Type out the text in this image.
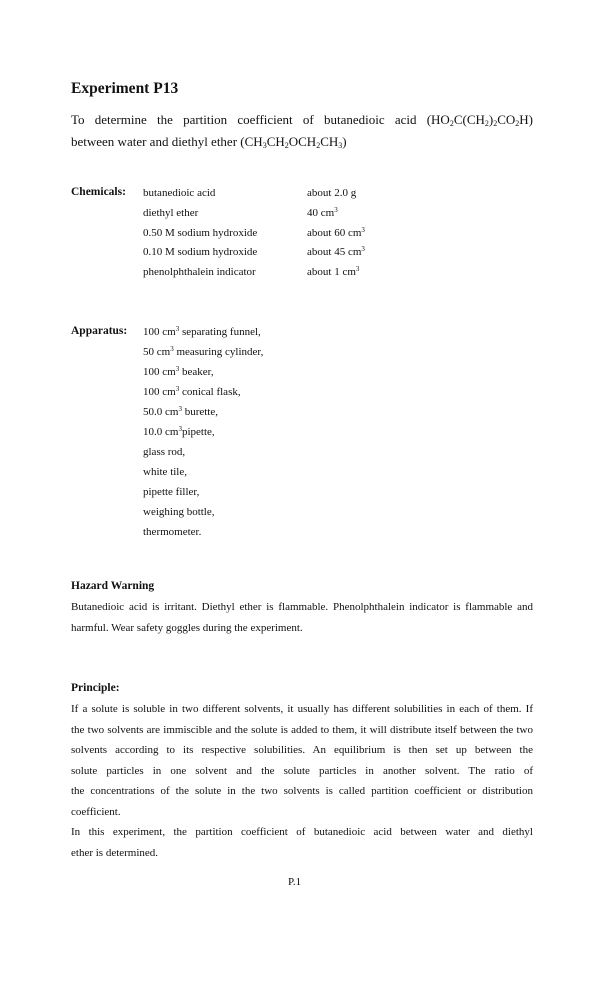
Experiment P13
To determine the partition coefficient of butanedioic acid $(HO_2C(CH_2)_2CO_2H)$
between water and diethyl ether $(CH_3CH_2OCH_2CH_3)$
Chemicals: butanedioic acid	about 2.0 g
diethyl ether	40 $cm^3$
0.50 M sodium hydroxide	about 60 $cm^3$
0.10 M sodium hydroxide	about 45 $cm^3$
phenolphthalein indicator	about 1 $cm^3$
Apparatus: 100 $cm^3$ separating funnel,
50 $cm^3$ measuring cylinder,
100 $cm^3$ beaker,
100 $cm^3$ conical flask,
50.0 $cm^3$ burette,
10.0 $cm^3pipette$,
glass rod,
white tile,
pipette filler,
weighing bottle,
thermometer.
Hazard Warning
Butanedioic acid is irritant. Diethyl ether is flammable. Phenolphthalein indicator is flammable and
harmful. Wear safety goggles during the experiment.
Principle:
If a solute is soluble in two different solvents, it usually has different solubilities in each of them. If
the two solvents are immiscible and the solute is added to them, it will distribute itself between the two
solvents according to its respective solubilities. An equilibrium is then set up between the
solute particles in one solvent and the solute particles in another solvent. The ratio of
the concentrations of the solute in the two solvents is called partition coefficient or distribution
coefficient.
In this experiment, the partition coefficient of butanedioic acid between water and diethyl
ether is determined.
P.1
